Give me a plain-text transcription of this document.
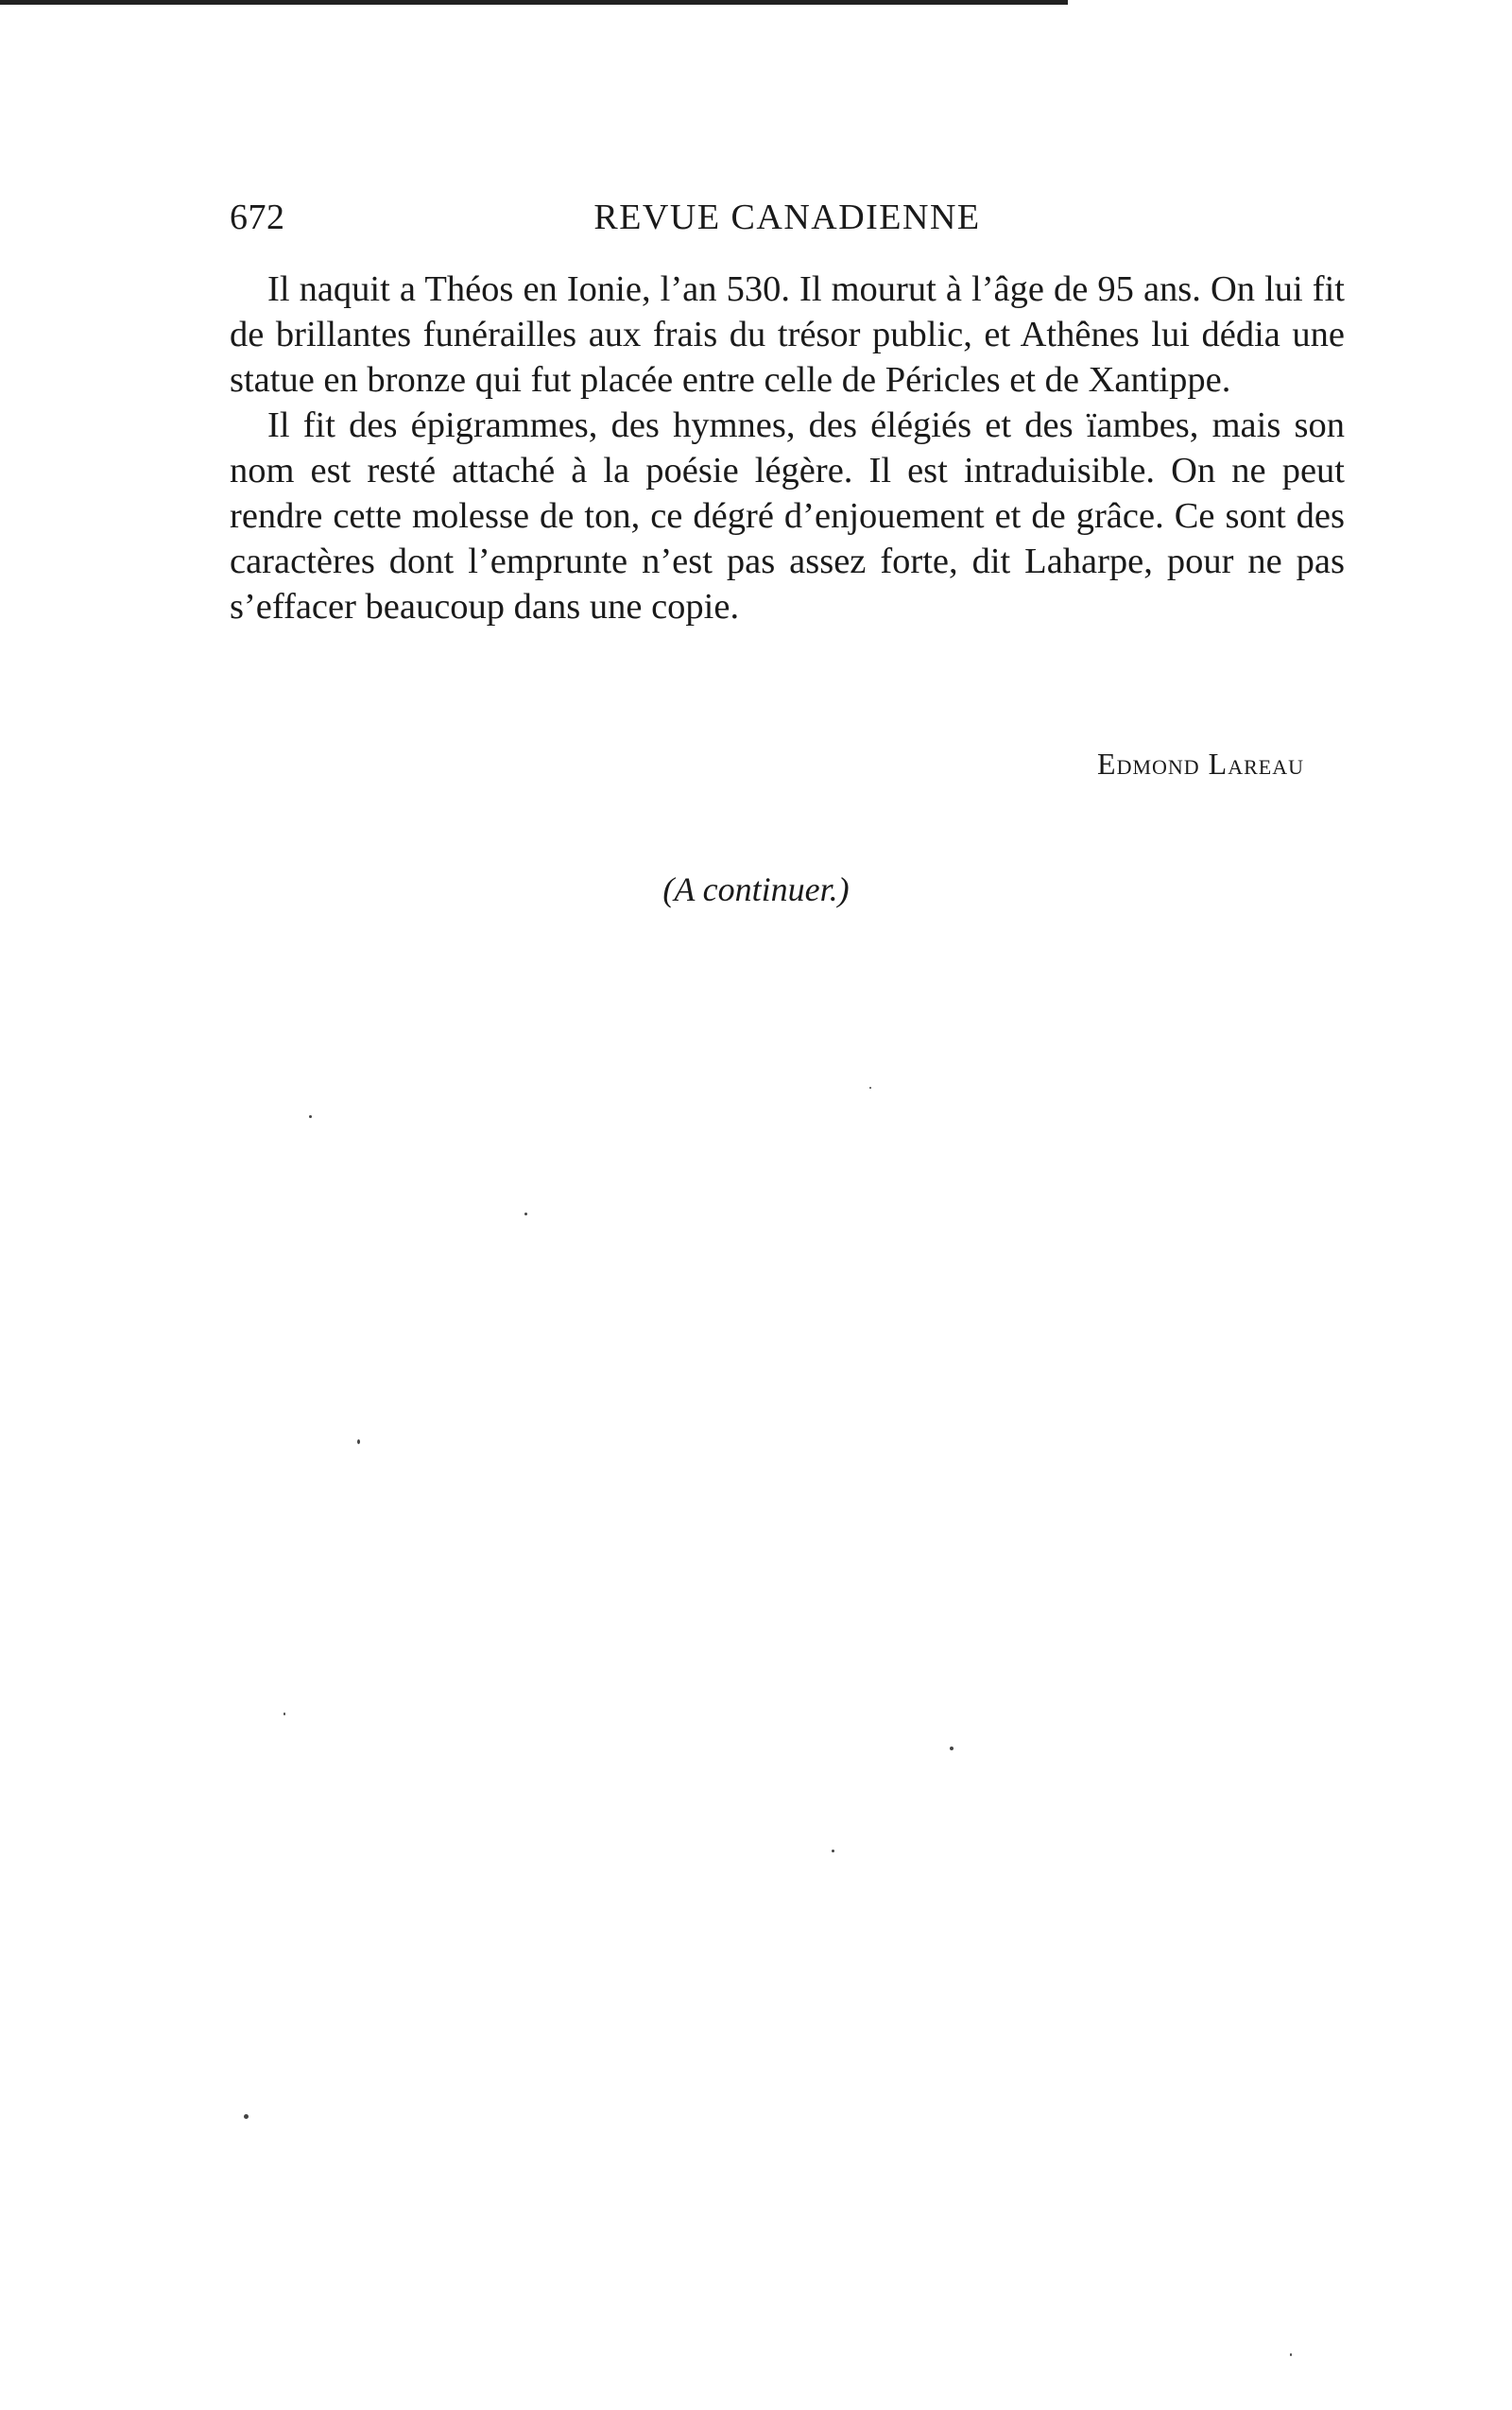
REVUE CANADIENNE
672

Il naquit a Théos en Ionie, l’an 530. Il mourut à l’âge de 95 ans. On lui fit de brillantes funérailles aux frais du trésor public, et Athênes lui dédia une statue en bronze qui fut placée entre celle de Péricles et de Xantippe.

Il fit des épigrammes, des hymnes, des élégiés et des ïambes, mais son nom est resté attaché à la poésie légère. Il est intraduisible. On ne peut rendre cette molesse de ton, ce dégré d’enjouement et de grâce. Ce sont des caractères dont l’emprunte n’est pas assez forte, dit Laharpe, pour ne pas s’effacer beaucoup dans une copie.

Edmond Lareau
(A continuer.)
